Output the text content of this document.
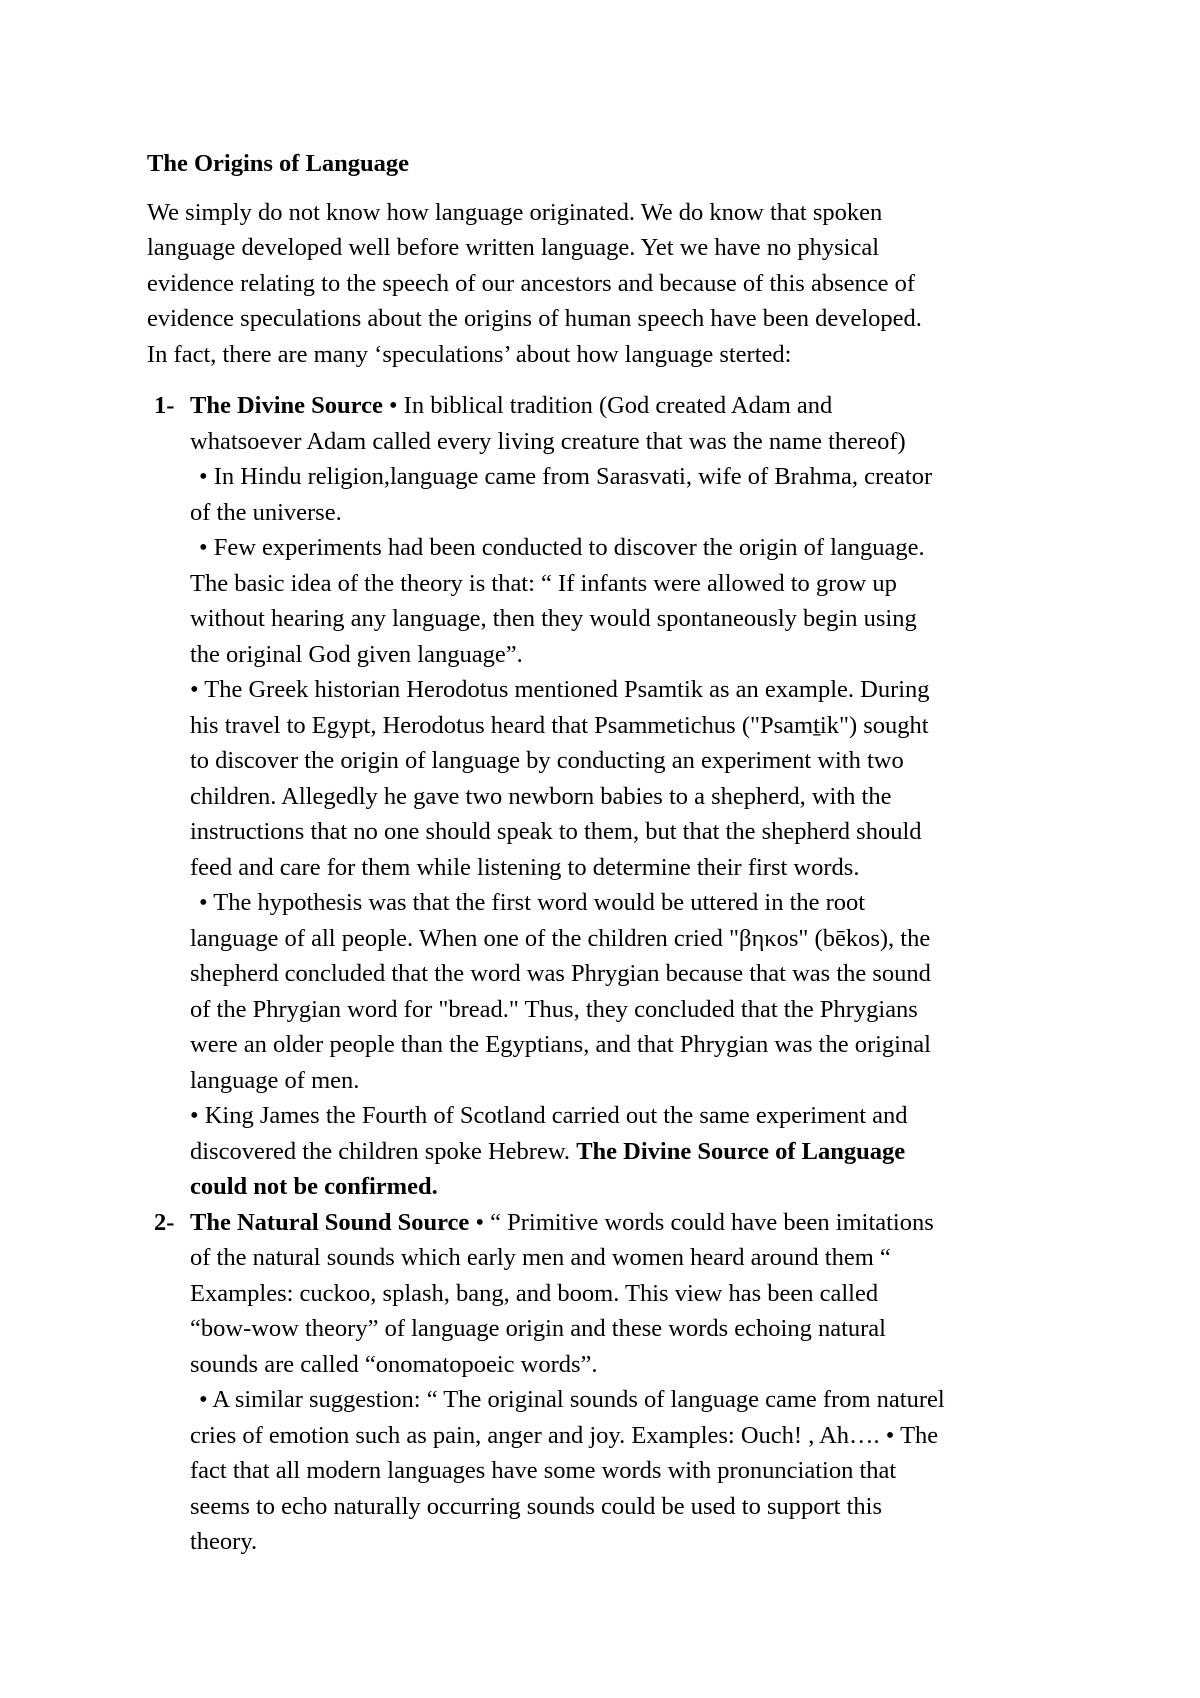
The Origins of Language
We simply do not know how language originated. We do know that spoken
language developed well before written language. Yet we have no physical
evidence relating to the speech of our ancestors and because of this absence of
evidence speculations about the origins of human speech have been developed.
In fact, there are many ‘speculations’ about how language sterted:
1- The Divine Source • In biblical tradition (God created Adam and
whatsoever Adam called every living creature that was the name thereof)
• In Hindu religion,language came from Sarasvati, wife of Brahma, creator
of the universe.
• Few experiments had been conducted to discover the origin of language.
The basic idea of the theory is that: “ If infants were allowed to grow up
without hearing any language, then they would spontaneously begin using
the original God given language”.
• The Greek historian Herodotus mentioned Psamtik as an example. During
his travel to Egypt, Herodotus heard that Psammetichus ("Psamṯik") sought
to discover the origin of language by conducting an experiment with two
children. Allegedly he gave two newborn babies to a shepherd, with the
instructions that no one should speak to them, but that the shepherd should
feed and care for them while listening to determine their first words.
• The hypothesis was that the first word would be uttered in the root
language of all people. When one of the children cried "βηκos" (bēkos), the
shepherd concluded that the word was Phrygian because that was the sound
of the Phrygian word for "bread." Thus, they concluded that the Phrygians
were an older people than the Egyptians, and that Phrygian was the original
language of men.
• King James the Fourth of Scotland carried out the same experiment and
discovered the children spoke Hebrew. The Divine Source of Language
could not be confirmed.
2- The Natural Sound Source • “ Primitive words could have been imitations
of the natural sounds which early men and women heard around them “
Examples: cuckoo, splash, bang, and boom. This view has been called
“bow-wow theory” of language origin and these words echoing natural
sounds are called “onomatopoeic words”.
• A similar suggestion: “ The original sounds of language came from naturel
cries of emotion such as pain, anger and joy. Examples: Ouch! , Ah…. • The
fact that all modern languages have some words with pronunciation that
seems to echo naturally occurring sounds could be used to support this
theory.
